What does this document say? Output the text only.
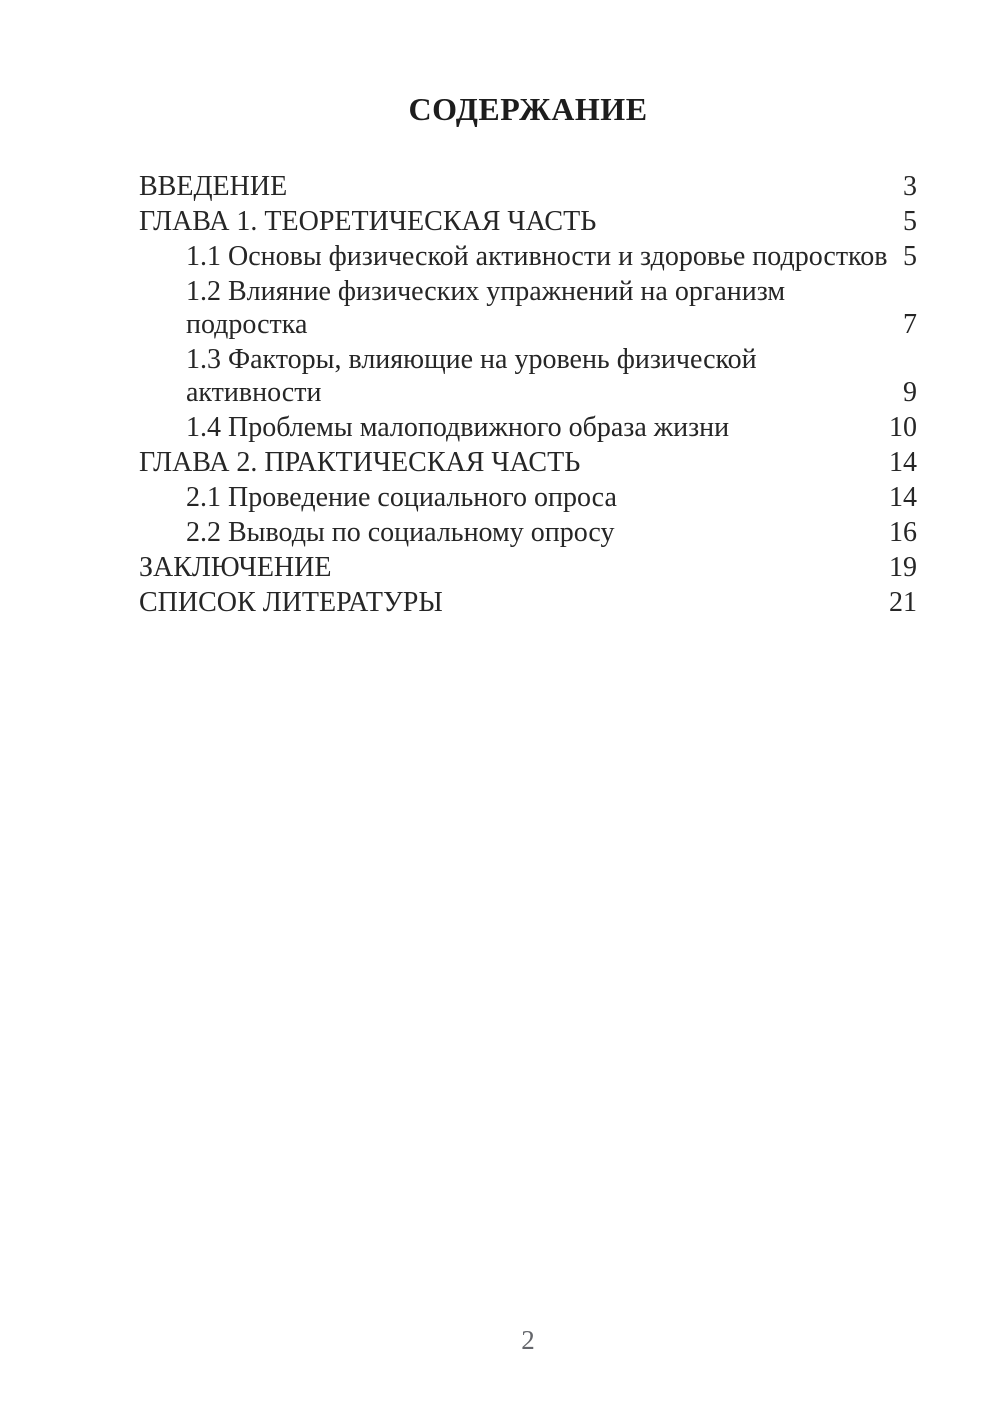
СОДЕРЖАНИЕ
ВВЕДЕНИЕ	3
ГЛАВА 1. ТЕОРЕТИЧЕСКАЯ ЧАСТЬ	5
1.1 Основы физической активности и здоровье подростков 5
1.2 Влияние физических упражнений на организм
подростка	7
1.3 Факторы, влияющие на уровень физической
активности	9
1.4 Проблемы малоподвижного образа жизни	10
ГЛАВА 2. ПРАКТИЧЕСКАЯ ЧАСТЬ	14
2.1 Проведение социального опроса	14
2.2 Выводы по социальному опросу	16
ЗАКЛЮЧЕНИЕ	19
СПИСОК ЛИТЕРАТУРЫ	21
2
